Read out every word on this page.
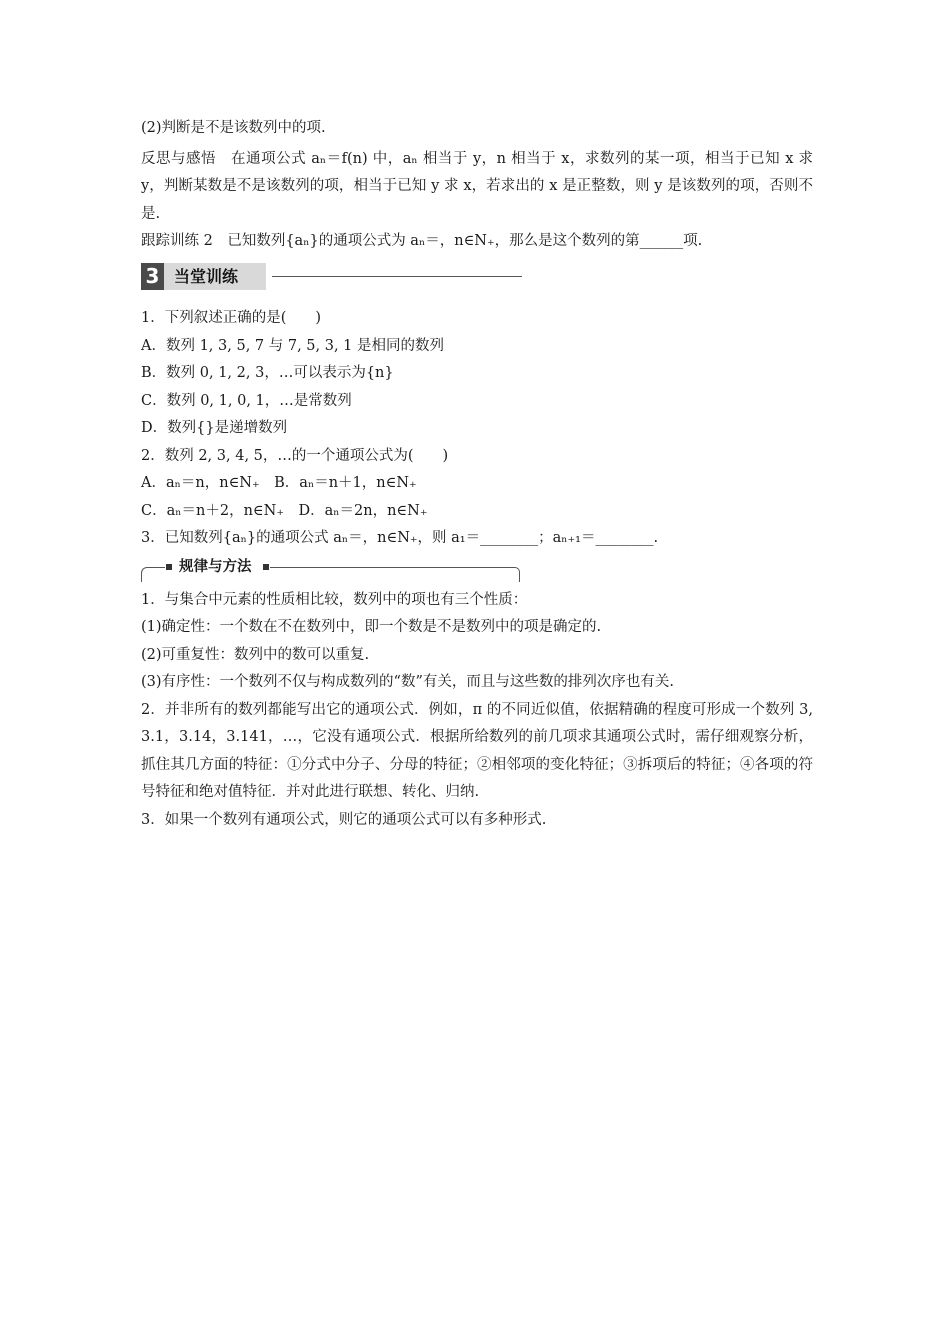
(2)判断是不是该数列中的项.
反思与感悟　在通项公式 aₙ＝f(n) 中，aₙ 相当于 y，n 相当于 x，求数列的某一项，相当于已知 x 求 y，判断某数是不是该数列的项，相当于已知 y 求 x，若求出的 x 是正整数，则 y 是该数列的项，否则不是.
跟踪训练 2　已知数列{aₙ}的通项公式为 aₙ＝，n∈N₊，那么是这个数列的第______项.
3 当堂训练
1．下列叙述正确的是(　　)
A．数列 1, 3, 5, 7 与 7, 5, 3, 1 是相同的数列
B．数列 0, 1, 2, 3，…可以表示为{n}
C．数列 0, 1, 0, 1，…是常数列
D．数列{}是递增数列
2．数列 2, 3, 4, 5，…的一个通项公式为(　　)
A．aₙ＝n，n∈N₊　B．aₙ＝n＋1，n∈N₊
C．aₙ＝n＋2，n∈N₊　D．aₙ＝2n，n∈N₊
3．已知数列{aₙ}的通项公式 aₙ＝，n∈N₊，则 a₁＝________；aₙ₊₁＝________.
规律与方法
1．与集合中元素的性质相比较，数列中的项也有三个性质：
(1)确定性：一个数在不在数列中，即一个数是不是数列中的项是确定的.
(2)可重复性：数列中的数可以重复.
(3)有序性：一个数列不仅与构成数列的“数”有关，而且与这些数的排列次序也有关.
2．并非所有的数列都能写出它的通项公式．例如，π 的不同近似值，依据精确的程度可形成一个数列 3, 3.1，3.14，3.141，…，它没有通项公式．根据所给数列的前几项求其通项公式时，需仔细观察分析，抓住其几方面的特征：①分式中分子、分母的特征；②相邻项的变化特征；③拆项后的特征；④各项的符号特征和绝对值特征．并对此进行联想、转化、归纳.
3．如果一个数列有通项公式，则它的通项公式可以有多种形式.
